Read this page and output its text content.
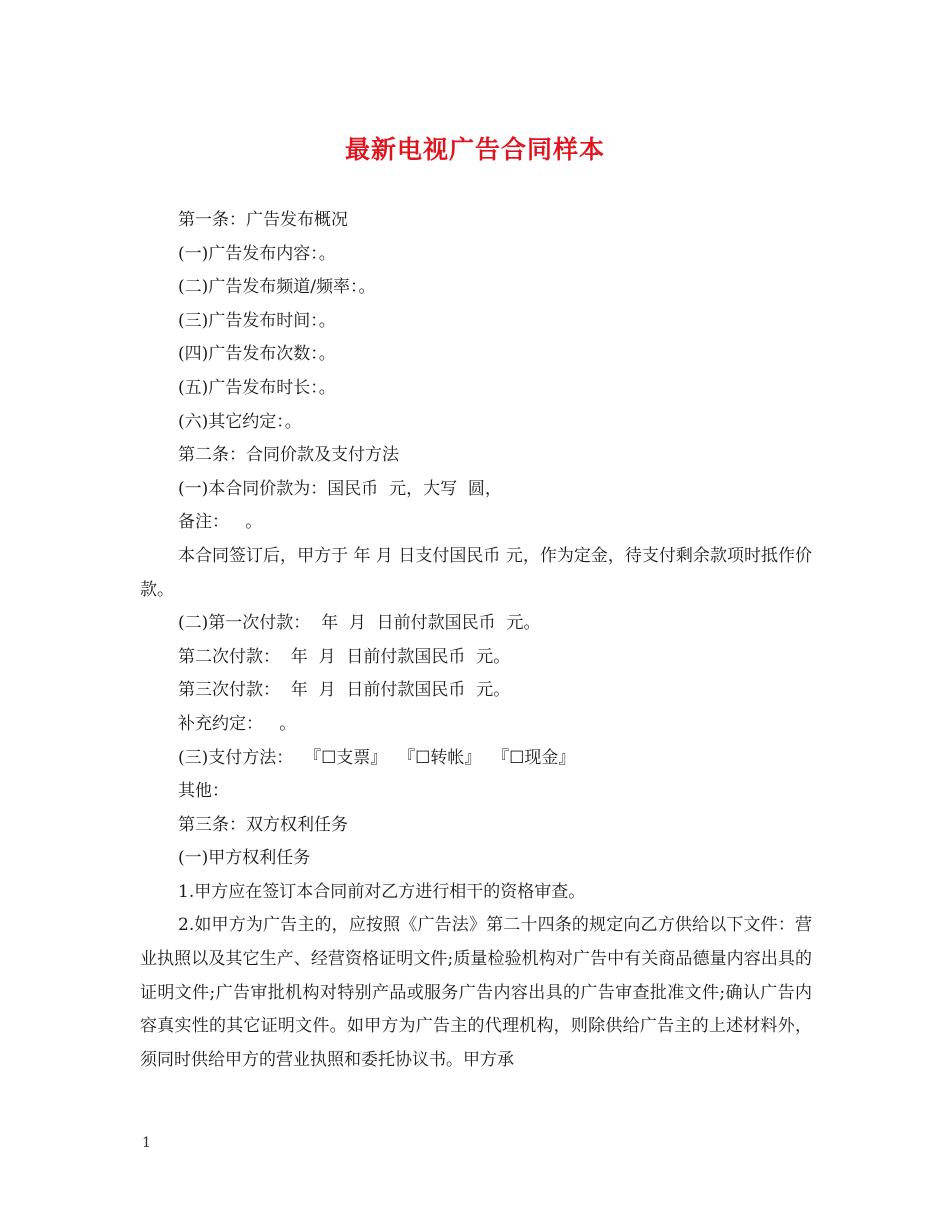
最新电视广告合同样本
第一条：广告发布概况
(一)广告发布内容：。
(二)广告发布频道/频率：。
(三)广告发布时间：。
(四)广告发布次数：。
(五)广告发布时长：。
(六)其它约定：。
第二条：合同价款及支付方法
(一)本合同价款为：国民币  元，大写  圆，
备注：   。
本合同签订后，甲方于 年 月 日支付国民币 元，作为定金，待支付剩余款项时抵作价款。
(二)第一次付款：  年  月  日前付款国民币  元。
第二次付款：  年  月  日前付款国民币  元。
第三次付款：  年  月  日前付款国民币  元。
补充约定：   。
(三)支付方法：  『☐支票』  『☐转帐』  『☐现金』
其他：
第三条：双方权利任务
(一)甲方权利任务
1.甲方应在签订本合同前对乙方进行相干的资格审查。
2.如甲方为广告主的，应按照《广告法》第二十四条的规定向乙方供给以下文件：营业执照以及其它生产、经营资格证明文件;质量检验机构对广告中有关商品德量内容出具的证明文件;广告审批机构对特别产品或服务广告内容出具的广告审查批准文件;确认广告内容真实性的其它证明文件。如甲方为广告主的代理机构，则除供给广告主的上述材料外，须同时供给甲方的营业执照和委托协议书。甲方承
1
